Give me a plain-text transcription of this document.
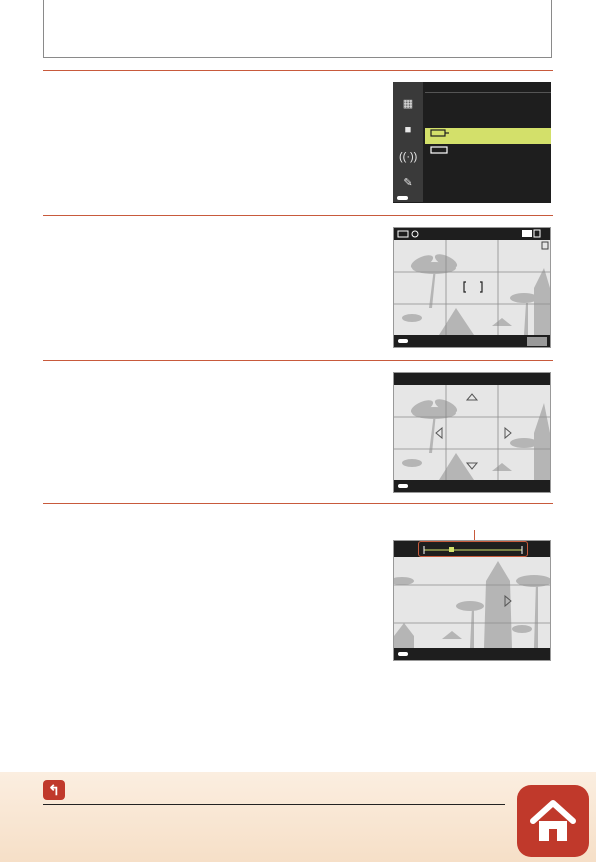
▦
■
((·))
✎
↰
